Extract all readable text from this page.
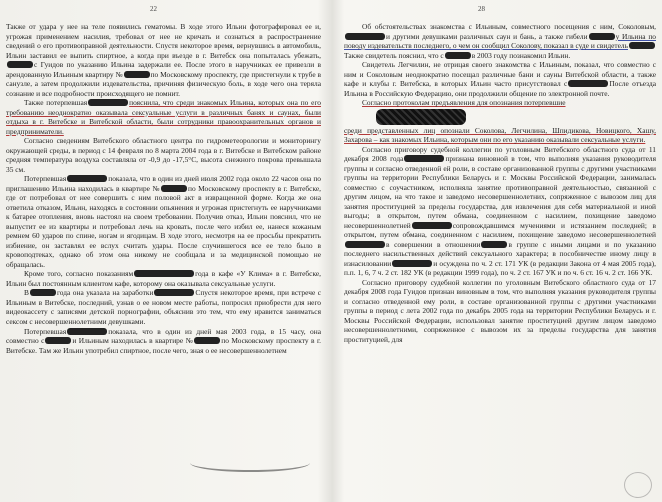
22

Также от удара у нее на теле появились гематомы. В ходе этого Ильин фотографировал ее и, угрожая применением насилия, требовал от нее не кричать и сознаться в распространение сведений о его противоправной деятельности. Спустя некоторое время, вернувшись в автомобиль, Ильин заставил ее выпить спиртное, а когда при въезде в г. Витебск она попыталась убежать,с Гуидов по указанию Ильина задержали ее. После этого в наручниках ее привезли в арендованную Ильиным квартиру №	по Московскому проспекту, где пристегнули к трубе в санузле, а затем продолжили издевательства, причиняя физическую боль, в ходе чего она теряла сознание и все подробности происходящего не помнит.

Также потерпевшая	пояснила, что среди знакомых Ильина, которых она по его требованию неоднократно оказывала сексуальные услуги в различных банях и саунах, были отдыха в г. Витебске и Витебской области, были сотрудники правоохранительных органов и предприниматели.

Согласно сведениям Витебского областного центра по гидрометеорологии и мониторингу окружающей среды, в период с 14 февраля по 8 марта 2004 года в г. Витебске и Витебском районе средняя температура воздуха составляла от -0,9 до -17,5°С, высота снежного покрова превышала 35 см.

Потерпевшая	показала, что в один из дней июля 2002 года около 22 часов она по приглашению Ильина находилась в квартире №	по Московскому проспекту в г. Витебске, где от потребовал от нее совершить с ним половой акт в извращенной форме. Когда же она ответила отказом, Ильин, находясь в состоянии опьянения и угрожая пристегнуть ее наручниками к батарее отопления, вновь настоял на своем требовании. Получив отказ, Ильин пояснил, что не выпустит ее из квартиры и потребовал лечь на кровать, после чего избил ее, нанеся кожаным ремнем 60 ударов по спине, ногам и ягодицам. В ходе этого, несмотря на ее просьбы прекратить избиение, он заставлял ее вслух считать удары. После случившегося все ее тело было в кровоподтеках, однако об этом она никому не сообщала и за медицинской помощью не обращалась.

Кроме того, согласно показаниям	года в кафе «У Клима» в г. Витебске, Ильин был постоянным клиентом кафе, которому она оказывала сексуальные услуги.

В	года она указала на заработки	Спустя некоторое время, при встрече с Ильиным в Витебске, последний, узнав о ее новом месте работы, попросил приобрести для него видеокассету с записями детской порнографии, объяснив это тем, что ему нравится заниматься сексом с несовершеннолетними девушками.

Потерпевшая	показала, что в один из дней мая 2003 года, в 15 часу, она совместно с	и Ильиным находилась в квартире №	по Московскому проспекту в г. Витебске. Там же Ильин употребил спиртное, после чего, зная о ее несовершеннолетнем

28

Об обстоятельствах знакомства с Ильиным, совместного посещения с ним, Соколовым,и другими девушками различных саун и бань, а также гибели	у Ильина по поводу издевательств последнего, о чем он сообщил Соколову, показал в суде и свидетельТакже свидетель пояснил, что с	в 2003 году познакомил Ильин.

Свидетель Легчилин, не отрицая своего знакомства с Ильиным, показал, что совместно с ним и Соколовым неоднократно посещал различные бани и сауны Витебской области, а также кафе и клубы г. Витебска, в которых Ильин часто присутствовал с	После отъезда Ильина в Российскую Федерацию, они продолжили общение по электронной почте.

Согласно протоколам предъявления для опознания потерпевшие
среди представленных лиц опознали Соколова, Легчилина, Шпидикова, Новицкого, Хашу, Захарова – как знакомых Ильина, которым они по его указанию оказывали сексуальные услуги.

Согласно приговору судебной коллегии по уголовным Витебского областного суда от 11 декабря 2008 года	признана виновной в том, что выполняя указания руководителя группы и согласно отведенной ей роли, в составе организованной группы с другими участниками группы на территории Республики Беларусь и г. Москвы Российской Федерации, занималась совместно с соучастником, исполняла занятие противоправной деятельностью, связанной с другим лицом, на что такое и заведомо несовершеннолетних, сопряженное с вывозом лиц для занятия проституцией за пределы государства, для извлечения для себя материальной и иной выгоды; в открытом, путем обмана, соединенном с насилием, похищение заведомо несовершеннолетней	сопровождавшимся мучениями и истязанием последней; в открытом, путем обмана, соединенном с насилием, похищение заведомо несовершеннолетнейв совершении в отношении	в группе с иными лицами и по указанию последнего насильственных действий сексуального характера; в пособничестве иному лицу в изнасиловании	и осуждена по ч. 2 ст. 171 УК (в редакции Закона от 4 мая 2005 года), п.п. 1, 6, 7 ч. 2 ст. 182 УК (в редакции 1999 года), по ч. 2 ст. 167 УК и по ч. 6 ст. 16 ч. 2 ст. 166 УК.

Согласно приговору судебной коллегии по уголовным Витебского областного суда от 17 декабря 2008 года Гуидов признан виновным в том, что выполняя указания руководителя группы и согласно отведенной ему роли, в составе организованной группы с другими участниками группы в период с лета 2002 года по декабрь 2005 года на территории Республики Беларусь и г. Москвы Российской Федерации, использовал занятие проституцией другим лицом заведомо несовершеннолетними, сопряженное с вывозом их за пределы государства для занятия проституцией, для
